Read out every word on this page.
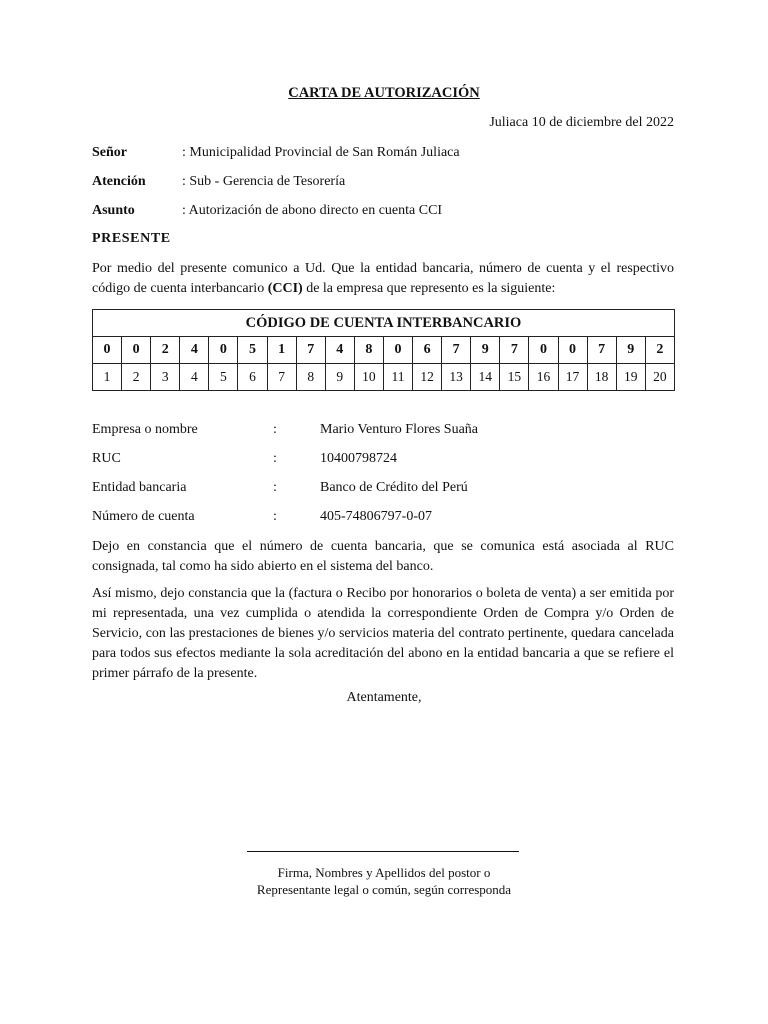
CARTA DE AUTORIZACIÓN
Juliaca 10 de diciembre del 2022
Señor	: Municipalidad Provincial de San Román Juliaca
Atención	: Sub - Gerencia de Tesorería
Asunto	: Autorización de abono directo en cuenta CCI
PRESENTE
Por medio del presente comunico a Ud. Que la entidad bancaria, número de cuenta y el respectivo código de cuenta interbancario (CCI) de la empresa que represento es la siguiente:
CÓDIGO DE CUENTA INTERBANCARIO																			
0	0	2	4	0	5	1	7	4	8	0	6	7	9	7	0	0	7	9	2
1	2	3	4	5	6	7	8	9	10	11	12	13	14	15	16	17	18	19	20
Empresa o nombre	:	Mario Venturo Flores Suaña
RUC	:	10400798724
Entidad bancaria	:	Banco de Crédito del Perú
Número de cuenta	:	405-74806797-0-07
Dejo en constancia que el número de cuenta bancaria, que se comunica está asociada al RUC consignada, tal como ha sido abierto en el sistema del banco.
Así mismo, dejo constancia que la (factura o Recibo por honorarios o boleta de venta) a ser emitida por mi representada, una vez cumplida o atendida la correspondiente Orden de Compra y/o Orden de Servicio, con las prestaciones de bienes y/o servicios materia del contrato pertinente, quedara cancelada para todos sus efectos mediante la sola acreditación del abono en la entidad bancaria a que se refiere el primer párrafo de la presente.
Atentamente,
Firma, Nombres y Apellidos del postor o
Representante legal o común, según corresponda
